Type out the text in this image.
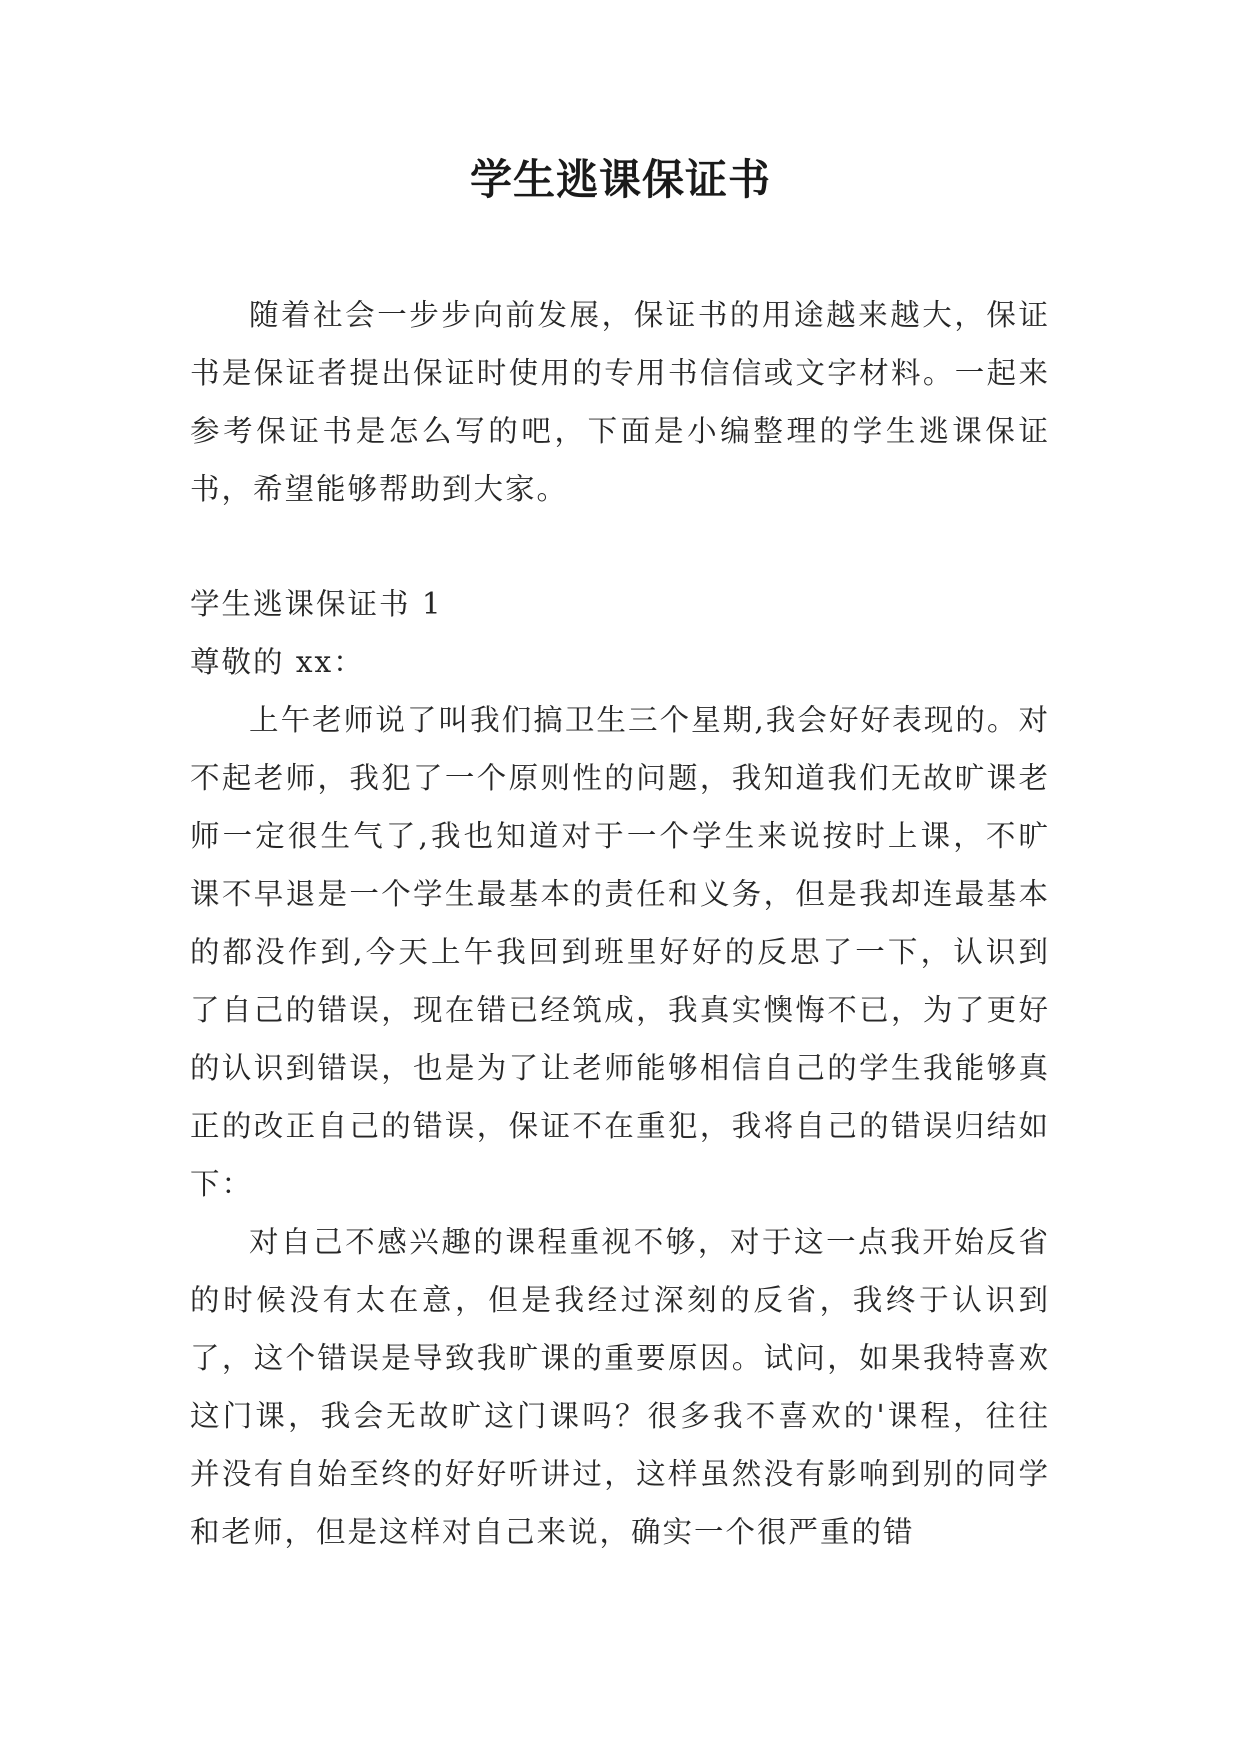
学生逃课保证书

随着社会一步步向前发展，保证书的用途越来越大，保证书是保证者提出保证时使用的专用书信信或文字材料。一起来参考保证书是怎么写的吧，下面是小编整理的学生逃课保证书，希望能够帮助到大家。

学生逃课保证书 1

尊敬的 xx：

上午老师说了叫我们搞卫生三个星期,我会好好表现的。对不起老师，我犯了一个原则性的问题，我知道我们无故旷课老师一定很生气了,我也知道对于一个学生来说按时上课，不旷课不早退是一个学生最基本的责任和义务，但是我却连最基本的都没作到,今天上午我回到班里好好的反思了一下，认识到了自己的错误，现在错已经筑成，我真实懊悔不已，为了更好的认识到错误，也是为了让老师能够相信自己的学生我能够真正的改正自己的错误，保证不在重犯，我将自己的错误归结如下：

对自己不感兴趣的课程重视不够，对于这一点我开始反省的时候没有太在意，但是我经过深刻的反省，我终于认识到了，这个错误是导致我旷课的重要原因。试问，如果我特喜欢这门课，我会无故旷这门课吗？很多我不喜欢的'课程，往往并没有自始至终的好好听讲过，这样虽然没有影响到别的同学和老师，但是这样对自己来说，确实一个很严重的错
